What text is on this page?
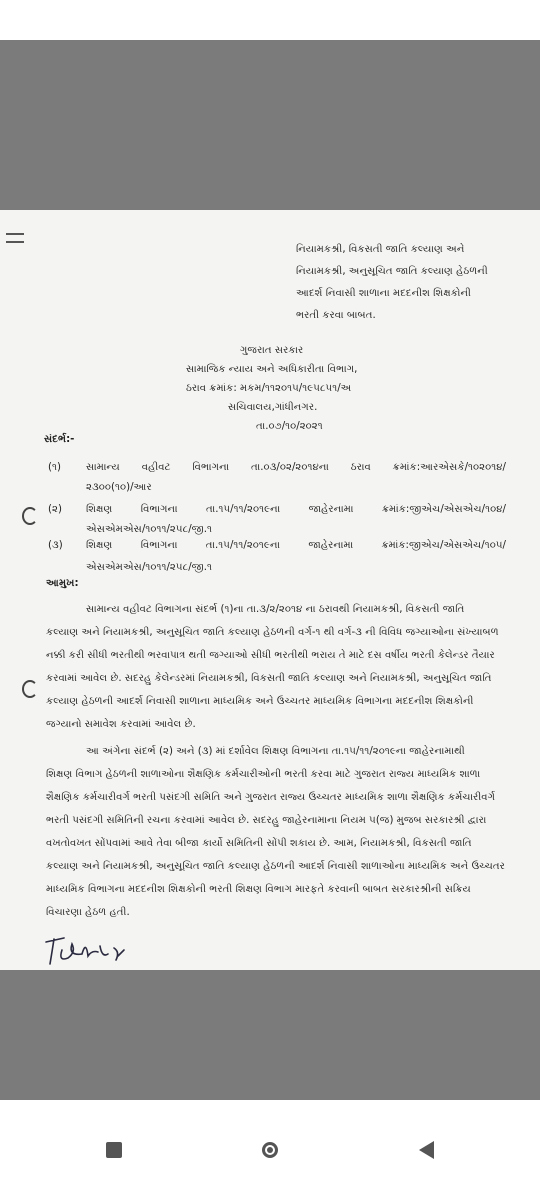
નિયામકશ્રી, વિકસતી જાતિ કલ્યાણ અને
નિયામકશ્રી, અનુસૂચિત જાતિ કલ્યાણ હેઠળની
આદર્શ નિવાસી શાળાના મદદનીશ શિક્ષકોની
ભરતી કરવા બાબત.
ગુજરાત સરકાર
સામાજિક ન્યાય અને અધિકારીતા વિભાગ,
ઠરાવ ક્રમાંક: મકમ/૧૧૨૦૧૫/૧૯૫૮૫૧/અ
સચિવાલય,ગાંધીનગર.
તા.૦૭/૧૦/૨૦૨૧
સંદર્ભ:-
(૧) સામાન્ય વહીવટ વિભાગના તા.૦૩/૦૨/૨૦૧૪ના ઠરાવ ક્રમાંક:આરએસકે/૧૦૨૦૧૪/
૨૩૦૦(૧૦)/આર
(૨) શિક્ષણ	વિભાગના	તા.૧૫/૧૧/૨૦૧૯ના	જાહેરનામા	ક્રમાંક:જીએચ/એસએચ/૧૦૪/
એસએમએસ/૧૦૧૧/૨૫૮/જી.૧
(૩) શિક્ષણ	વિભાગના	તા.૧૫/૧૧/૨૦૧૯ના	જાહેરનામા	ક્રમાંક:જીએચ/એસએચ/૧૦૫/
એસએમએસ/૧૦૧૧/૨૫૮/જી.૧
આમુખ:
સામાન્ય વહીવટ વિભાગના સંદર્ભ (૧)ના તા.૩/૨/૨૦૧૪ ના ઠરાવથી નિયામકશ્રી, વિકસતી જાતિ
કલ્યાણ અને નિયામકશ્રી, અનુસૂચિત જાતિ કલ્યાણ હેઠળની વર્ગ-૧ થી વર્ગ-૩ ની વિવિધ જગ્યાઓના સંખ્યાબળ
નક્કી કરી સીધી ભરતીથી ભરવાપાત્ર થતી જગ્યાઓ સીધી ભરતીથી ભરાય તે માટે દસ વર્ષીય ભરતી કેલેન્ડર તૈયાર
કરવામાં આવેલ છે. સદરહુ કેલેન્ડરમાં નિયામકશ્રી, વિકસતી જાતિ કલ્યાણ અને નિયામકશ્રી, અનુસૂચિત જાતિ
કલ્યાણ હેઠળની આદર્શ નિવાસી શાળાના માધ્યમિક અને ઉચ્ચતર માધ્યમિક વિભાગના મદદનીશ શિક્ષકોની
જગ્યાનો સમાવેશ કરવામાં આવેલ છે.
આ અંગેના સંદર્ભ (૨) અને (૩) માં દર્શાવેલ શિક્ષણ વિભાગના તા.૧૫/૧૧/૨૦૧૯ના જાહેરનામાથી
શિક્ષણ વિભાગ હેઠળની શાળાઓના શૈક્ષણિક કર્મચારીઓની ભરતી કરવા માટે ગુજરાત રાજ્ય માધ્યમિક શાળા
શૈક્ષણિક કર્મચારીવર્ગ ભરતી પસંદગી સમિતિ અને ગુજરાત રાજ્ય ઉચ્ચતર માધ્યમિક શાળા શૈક્ષણિક કર્મચારીવર્ગ
ભરતી પસંદગી સમિતિની રચના કરવામાં આવેલ છે. સદરહુ જાહેરનામાના નિયમ ૫(જ) મુજબ સરકારશ્રી દ્વારા
વખતોવખત સોંપવામાં આવે તેવા બીજા કાર્યો સમિતિની સોંપી શકાય છે. આમ, નિયામકશ્રી, વિકસતી જાતિ
કલ્યાણ અને નિયામકશ્રી, અનુસૂચિત જાતિ કલ્યાણ હેઠળની આદર્શ નિવાસી શાળાઓના માધ્યમિક અને ઉચ્ચતર
માધ્યમિક વિભાગના મદદનીશ શિક્ષકોની ભરતી શિક્ષણ વિભાગ મારફતે કરવાની બાબત સરકારશ્રીની સક્રિય
વિચારણા હેઠળ હતી.
